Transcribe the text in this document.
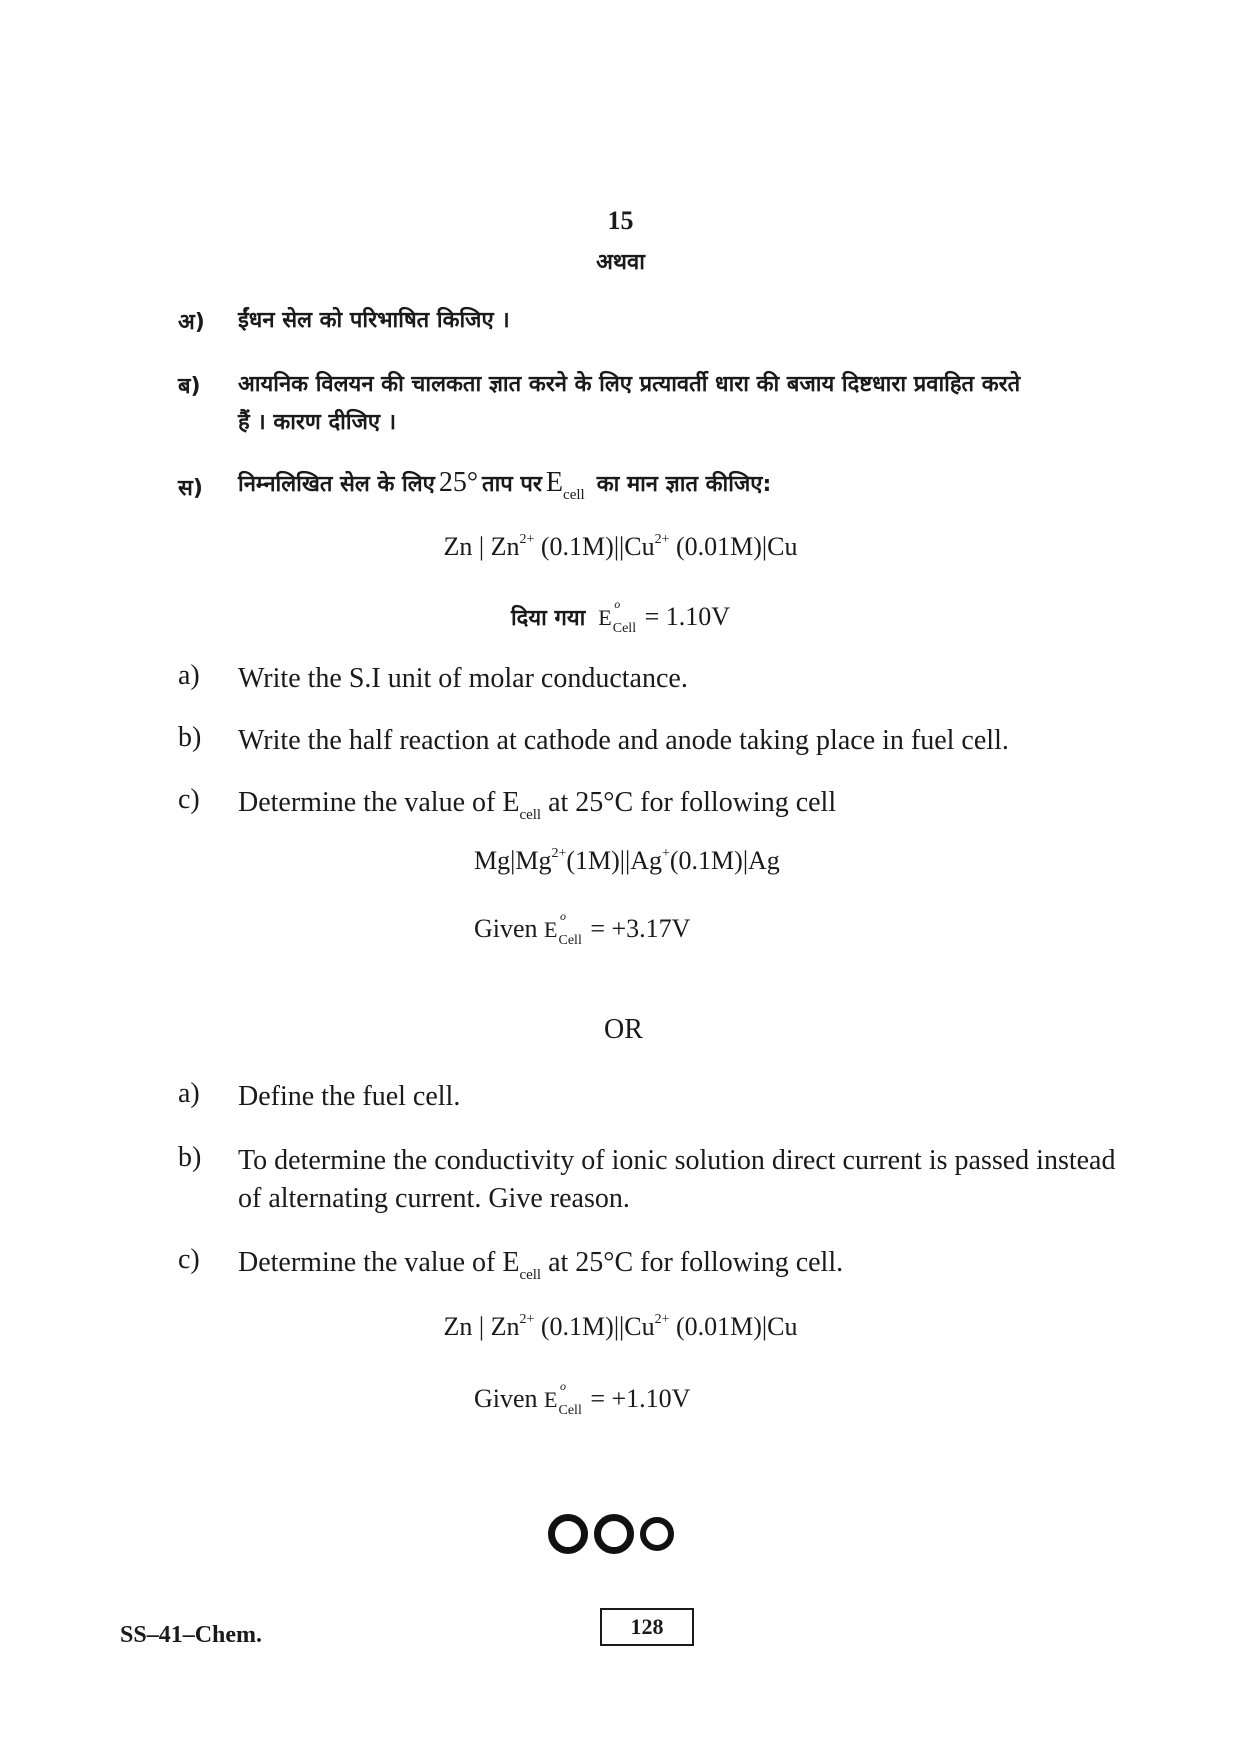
15
अथवा
अ) ईंधन सेल को परिभाषित किजिए ।
ब) आयनिक विलयन की चालकता ज्ञात करने के लिए प्रत्यावर्ती धारा की बजाय दिष्टधारा प्रवाहित करते
हैं । कारण दीजिए ।
स) निम्नलिखित सेल के लिए 25° ताप पर $E_{cell}$ का मान ज्ञात कीजिए:
Zn | $Zn^{2+}$ $(0.1M)||Cu^{2+}$ (0.01M)|Cu
दिया गया E
o
$_{Cell}$ = 1.10V
a) Write the S.I unit of molar conductance.
b) Write the half reaction at cathode and anode taking place in fuel cell.
c) Determine the value of $E_{cell}$ at 25°C for following cell
$Mg|Mg^{2+}(1M)||Ag^+(0.1M)|Ag$
Given E
o
$_{Cell}$ = +3.17V
OR
a) Define the fuel cell.
b) To determine the conductivity of ionic solution direct current is passed instead
of alternating current. Give reason.
c) Determine the value of $E_{cell}$ at 25°C for following cell.
Zn | $Zn^{2+}$ $(0.1M)||Cu^{2+}$ (0.01M)|Cu
Given E
o
$_{Cell}$ = +1.10V
SS–41–Chem.	128
